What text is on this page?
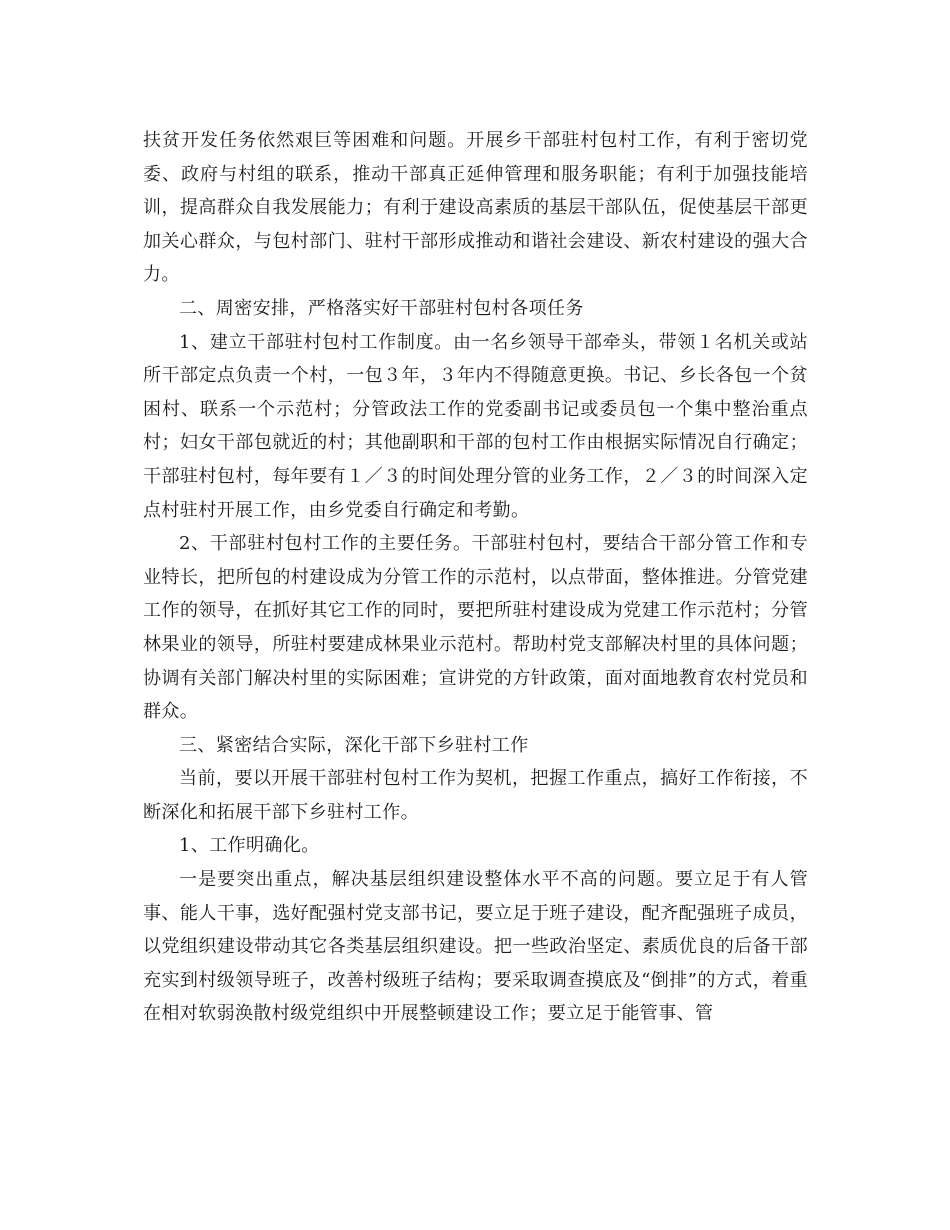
扶贫开发任务依然艰巨等困难和问题。开展乡干部驻村包村工作，有利于密切党委、政府与村组的联系，推动干部真正延伸管理和服务职能；有利于加强技能培训，提高群众自我发展能力；有利于建设高素质的基层干部队伍，促使基层干部更加关心群众，与包村部门、驻村干部形成推动和谐社会建设、新农村建设的强大合力。

二、周密安排，严格落实好干部驻村包村各项任务

1、建立干部驻村包村工作制度。由一名乡领导干部牵头，带领１名机关或站所干部定点负责一个村，一包３年，３年内不得随意更换。书记、乡长各包一个贫困村、联系一个示范村；分管政法工作的党委副书记或委员包一个集中整治重点村；妇女干部包就近的村；其他副职和干部的包村工作由根据实际情况自行确定；干部驻村包村，每年要有１／３的时间处理分管的业务工作，２／３的时间深入定点村驻村开展工作，由乡党委自行确定和考勤。

2、干部驻村包村工作的主要任务。干部驻村包村，要结合干部分管工作和专业特长，把所包的村建设成为分管工作的示范村，以点带面，整体推进。分管党建工作的领导，在抓好其它工作的同时，要把所驻村建设成为党建工作示范村；分管林果业的领导，所驻村要建成林果业示范村。帮助村党支部解决村里的具体问题；协调有关部门解决村里的实际困难；宣讲党的方针政策，面对面地教育农村党员和群众。

三、紧密结合实际，深化干部下乡驻村工作

当前，要以开展干部驻村包村工作为契机，把握工作重点，搞好工作衔接，不断深化和拓展干部下乡驻村工作。

1、工作明确化。

一是要突出重点，解决基层组织建设整体水平不高的问题。要立足于有人管事、能人干事，选好配强村党支部书记，要立足于班子建设，配齐配强班子成员，以党组织建设带动其它各类基层组织建设。把一些政治坚定、素质优良的后备干部充实到村级领导班子，改善村级班子结构；要采取调查摸底及“倒排”的方式，着重在相对软弱涣散村级党组织中开展整顿建设工作；要立足于能管事、管
